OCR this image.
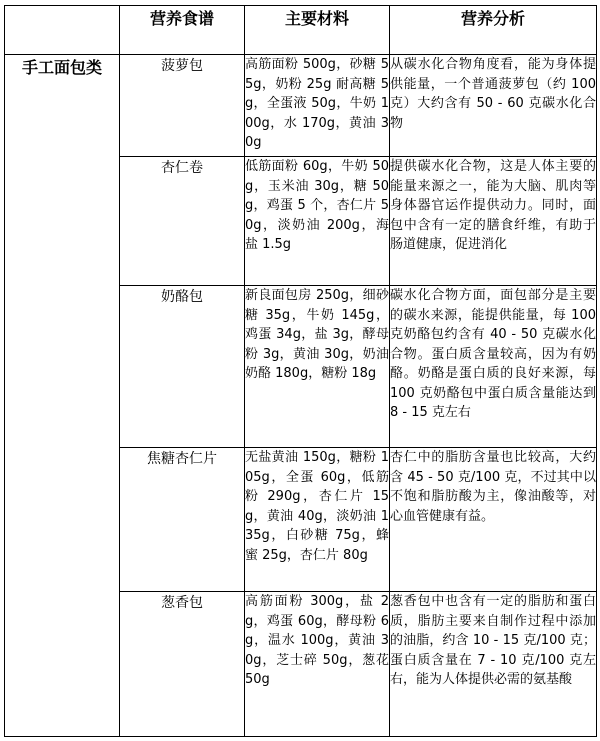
	营养食谱	主要材料	营养分析
手工面包类	菠萝包	高筋面粉 500g，砂糖 55g，奶粉 25g 耐高糖 5g，全蛋液 50g，牛奶 100g，水 170g，黄油 30g	从碳水化合物角度看，能为身体提供能量，一个普通菠萝包（约 100 克）大约含有 50 - 60 克碳水化合物
	杏仁卷	低筋面粉 60g，牛奶 50g，玉米油 30g，糖 50g，鸡蛋 5 个，杏仁片 50g，淡奶油 200g，海盐 1.5g	提供碳水化合物，这是人体主要的能量来源之一，能为大脑、肌肉等身体器官运作提供动力。同时，面包中含有一定的膳食纤维，有助于肠道健康，促进消化
	奶酪包	新良面包房 250g，细砂糖 35g，牛奶 145g，鸡蛋 34g，盐 3g，酵母粉 3g，黄油 30g，奶油奶酪 180g，糖粉 18g	碳水化合物方面，面包部分是主要的碳水来源，能提供能量，每 100 克奶酪包约含有 40 - 50 克碳水化合物。蛋白质含量较高，因为有奶酪。奶酪是蛋白质的良好来源，每 100 克奶酪包中蛋白质含量能达到 8 - 15 克左右
	焦糖杏仁片	无盐黄油 150g，糖粉 105g，全蛋 60g，低筋粉 290g，杏仁片 15g，黄油 40g，淡奶油 135g，白砂糖 75g，蜂蜜 25g，杏仁片 80g	杏仁中的脂肪含量也比较高，大约含 45 - 50 克/100 克，不过其中以不饱和脂肪酸为主，像油酸等，对心血管健康有益。
	葱香包	高筋面粉 300g，盐 2g，鸡蛋 60g，酵母粉 6g，温水 100g，黄油 30g，芝士碎 50g，葱花 50g	葱香包中也含有一定的脂肪和蛋白质，脂肪主要来自制作过程中添加的油脂，约含 10 - 15 克/100 克；蛋白质含量在 7 - 10 克/100 克左右，能为人体提供必需的氨基酸
